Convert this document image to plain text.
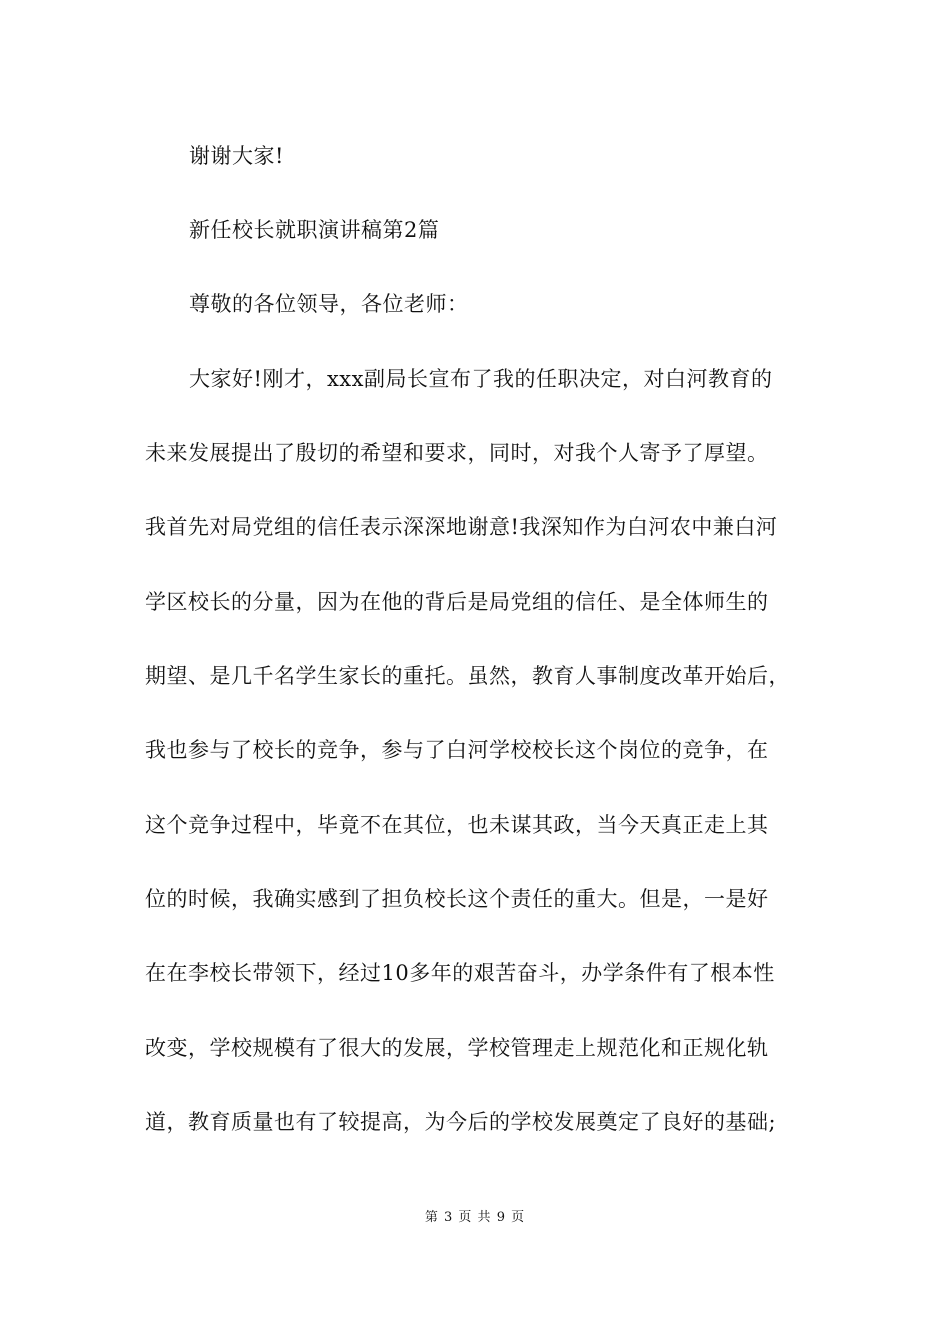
谢谢大家!
新任校长就职演讲稿第2篇
尊敬的各位领导，各位老师：
大家好!刚才，xxx副局长宣布了我的任职决定，对白河教育的
未来发展提出了殷切的希望和要求，同时，对我个人寄予了厚望。
我首先对局党组的信任表示深深地谢意!我深知作为白河农中兼白河
学区校长的分量，因为在他的背后是局党组的信任、是全体师生的
期望、是几千名学生家长的重托。虽然，教育人事制度改革开始后，
我也参与了校长的竞争，参与了白河学校校长这个岗位的竞争，在
这个竞争过程中，毕竟不在其位，也未谋其政，当今天真正走上其
位的时候，我确实感到了担负校长这个责任的重大。但是，一是好
在在李校长带领下，经过10多年的艰苦奋斗，办学条件有了根本性
改变，学校规模有了很大的发展，学校管理走上规范化和正规化轨
道，教育质量也有了较提高，为今后的学校发展奠定了良好的基础;
第 3 页 共 9 页
